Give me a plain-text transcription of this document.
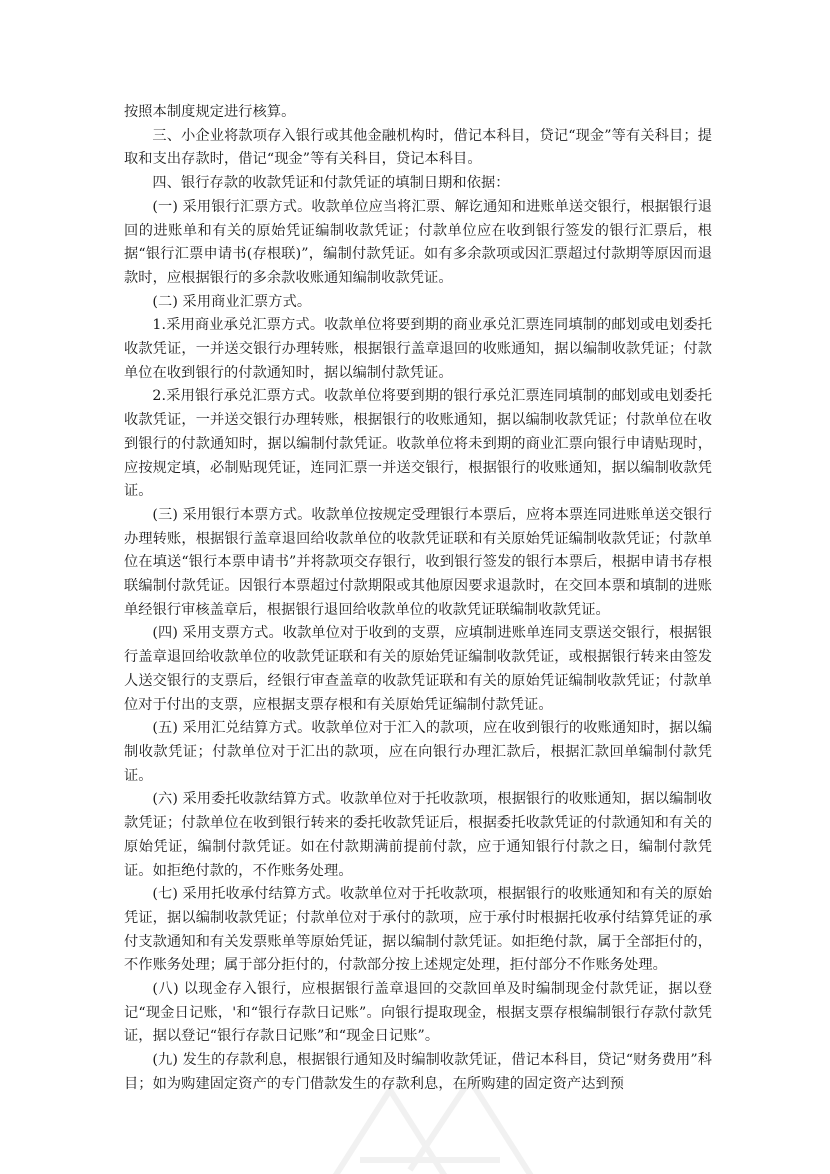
按照本制度规定进行核算。

三、小企业将款项存入银行或其他金融机构时，借记本科目，贷记“现金”等有关科目；提取和支出存款时，借记“现金”等有关科目，贷记本科目。

四、银行存款的收款凭证和付款凭证的填制日期和依据：

(一) 采用银行汇票方式。收款单位应当将汇票、解讫通知和进账单送交银行，根据银行退回的进账单和有关的原始凭证编制收款凭证；付款单位应在收到银行签发的银行汇票后，根据“银行汇票申请书(存根联)”，编制付款凭证。如有多余款项或因汇票超过付款期等原因而退款时，应根据银行的多余款收账通知编制收款凭证。

(二) 采用商业汇票方式。

1.采用商业承兑汇票方式。收款单位将要到期的商业承兑汇票连同填制的邮划或电划委托收款凭证，一并送交银行办理转账，根据银行盖章退回的收账通知，据以编制收款凭证；付款单位在收到银行的付款通知时，据以编制付款凭证。

2.采用银行承兑汇票方式。收款单位将要到期的银行承兑汇票连同填制的邮划或电划委托收款凭证，一并送交银行办理转账，根据银行的收账通知，据以编制收款凭证；付款单位在收到银行的付款通知时，据以编制付款凭证。收款单位将未到期的商业汇票向银行申请贴现时，应按规定填，必制贴现凭证，连同汇票一并送交银行，根据银行的收账通知，据以编制收款凭证。

(三) 采用银行本票方式。收款单位按规定受理银行本票后，应将本票连同进账单送交银行办理转账，根据银行盖章退回给收款单位的收款凭证联和有关原始凭证编制收款凭证；付款单位在填送“银行本票申请书”并将款项交存银行，收到银行签发的银行本票后，根据申请书存根联编制付款凭证。因银行本票超过付款期限或其他原因要求退款时，在交回本票和填制的进账单经银行审核盖章后，根据银行退回给收款单位的收款凭证联编制收款凭证。

(四) 采用支票方式。收款单位对于收到的支票，应填制进账单连同支票送交银行，根据银行盖章退回给收款单位的收款凭证联和有关的原始凭证编制收款凭证，或根据银行转来由签发人送交银行的支票后，经银行审查盖章的收款凭证联和有关的原始凭证编制收款凭证；付款单位对于付出的支票，应根据支票存根和有关原始凭证编制付款凭证。

(五) 采用汇兑结算方式。收款单位对于汇入的款项，应在收到银行的收账通知时，据以编制收款凭证；付款单位对于汇出的款项，应在向银行办理汇款后，根据汇款回单编制付款凭证。

(六) 采用委托收款结算方式。收款单位对于托收款项，根据银行的收账通知，据以编制收款凭证；付款单位在收到银行转来的委托收款凭证后，根据委托收款凭证的付款通知和有关的原始凭证，编制付款凭证。如在付款期满前提前付款，应于通知银行付款之日，编制付款凭证。如拒绝付款的，不作账务处理。

(七) 采用托收承付结算方式。收款单位对于托收款项，根据银行的收账通知和有关的原始凭证，据以编制收款凭证；付款单位对于承付的款项，应于承付时根据托收承付结算凭证的承付支款通知和有关发票账单等原始凭证，据以编制付款凭证。如拒绝付款，属于全部拒付的，不作账务处理；属于部分拒付的，付款部分按上述规定处理，拒付部分不作账务处理。

(八) 以现金存入银行，应根据银行盖章退回的交款回单及时编制现金付款凭证，据以登记“现金日记账，'和“银行存款日记账”。向银行提取现金，根据支票存根编制银行存款付款凭证，据以登记“银行存款日记账”和“现金日记账”。

(九) 发生的存款利息，根据银行通知及时编制收款凭证，借记本科目，贷记“财务费用”科目；如为购建固定资产的专门借款发生的存款利息，在所购建的固定资产达到预
